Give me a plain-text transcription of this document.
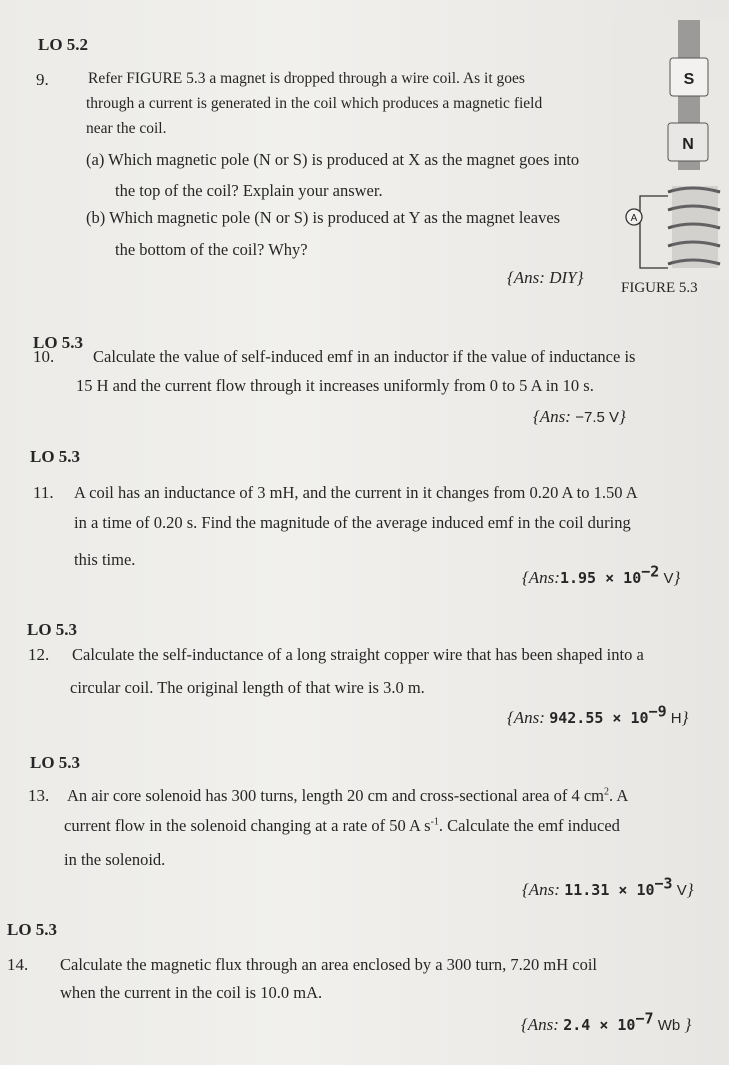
LO 5.2
9.	Refer FIGURE 5.3 a magnet is dropped through a wire coil. As it goes
through a current is generated in the coil which produces a magnetic field
near the coil.
(a) Which magnetic pole (N or S) is produced at X as the magnet goes into
the top of the coil? Explain your answer.
(b) Which magnetic pole (N or S) is produced at Y as the magnet leaves
the bottom of the coil? Why?
{Ans: DIY}
S
N
A
FIGURE 5.3
LO 5.3
10. Calculate the value of self-induced emf in an inductor if the value of inductance is
15 H and the current flow through it increases uniformly from 0 to 5 A in 10 s.
{Ans: −7.5 V}
LO 5.3
11. A coil has an inductance of 3 mH, and the current in it changes from 0.20 A to 1.50 A
in a time of 0.20 s. Find the magnitude of the average induced emf in the coil during
this time.
{Ans:1.95 × $10^{-2}$ V}
LO 5.3
12. Calculate the self-inductance of a long straight copper wire that has been shaped into a
circular coil. The original length of that wire is 3.0 m.
{Ans: $942.55 \times 10^{-9}$ H}
LO 5.3
13. An air core solenoid has 300 turns, length 20 cm and cross-sectional area of 4 $cm^2$. A
current flow in the solenoid changing at a rate of 50 A $s^{-1}$. Calculate the emf induced
in the solenoid.
{Ans: $11.31 \times 10^{-3}$ V}
LO 5.3
14. Calculate the magnetic flux through an area enclosed by a 300 turn, 7.20 mH coil
when the current in the coil is 10.0 mA.
{Ans: $2.4 \times 10^{-7}$ Wb }
